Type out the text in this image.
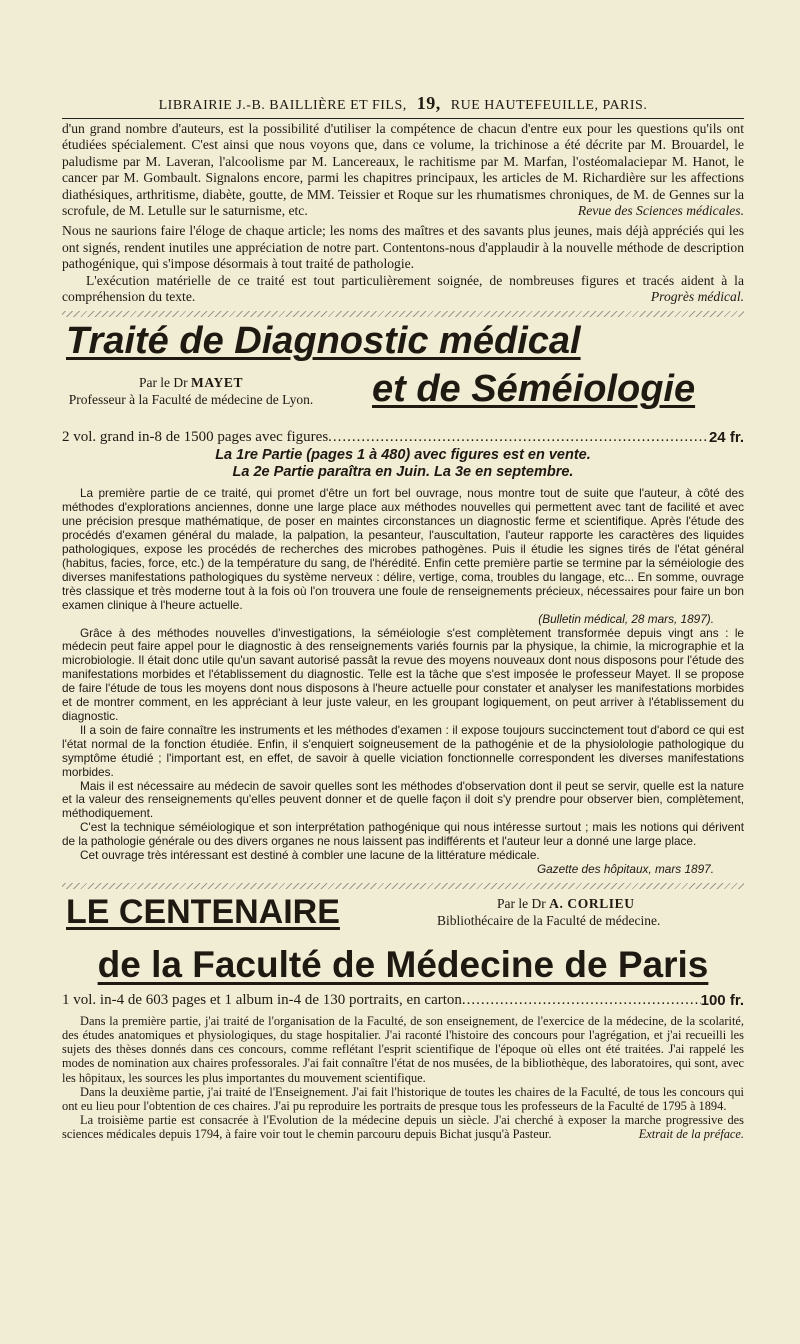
LIBRAIRIE J.-B. BAILLIÈRE ET FILS, 19, RUE HAUTEFEUILLE, PARIS.

d'un grand nombre d'auteurs, est la possibilité d'utiliser la compétence de chacun d'entre eux pour les questions qu'ils ont étudiées spécialement. C'est ainsi que nous voyons que, dans ce volume, la trichinose a été décrite par M. Brouardel, le paludisme par M. Laveran, l'alcoolisme par M. Lancereaux, le rachitisme par M. Marfan, l'ostéomalaciepar M. Hanot, le cancer par M. Gombault. Signalons encore, parmi les chapitres principaux, les articles de M. Richardière sur les affections diathésiques, arthritisme, diabète, goutte, de MM. Teissier et Roque sur les rhumatismes chroniques, de M. de Gennes sur la scrofule, de M. Letulle sur le saturnisme, etc.	Revue des Sciences médicales.

Nous ne saurions faire l'éloge de chaque article; les noms des maîtres et des savants plus jeunes, mais déjà appréciés qui les ont signés, rendent inutiles une appréciation de notre part. Contentons-nous d'applaudir à la nouvelle méthode de description pathogénique, qui s'impose désormais à tout traité de pathologie.

L'exécution matérielle de ce traité est tout particulièrement soignée, de nombreuses figures et tracés aident à la compréhension du texte.	Progrès médical.

Traité de Diagnostic médical
Par le Dr MAYET
Professeur à la Faculté de médecine de Lyon. et de Séméiologie
2 vol. grand in-8 de 1500 pages avec figures .....	24 fr.
La 1re Partie (pages 1 à 480) avec figures est en vente.
La 2e Partie paraîtra en Juin. La 3e en septembre.

La première partie de ce traité, qui promet d'être un fort bel ouvrage, nous montre tout de suite que l'auteur, à côté des méthodes d'explorations anciennes, donne une large place aux méthodes nouvelles qui permettent avec tant de facilité et avec une précision presque mathématique, de poser en maintes circonstances un diagnostic ferme et scientifique. Après l'étude des procédés d'examen général du malade, la palpation, la pesanteur, l'auscultation, l'auteur rapporte les caractères des liquides pathologiques, expose les procédés de recherches des microbes pathogènes. Puis il étudie les signes tirés de l'état général (habitus, facies, force, etc.) de la température du sang, de l'hérédité. Enfin cette première partie se termine par la séméiologie des diverses manifestations pathologiques du système nerveux : délire, vertige, coma, troubles du langage, etc... En somme, ouvrage très classique et très moderne tout à la fois où l'on trouvera une foule de renseignements précieux, nécessaires pour faire un bon examen clinique à l'heure actuelle.

(Bulletin médical, 28 mars, 1897).

Grâce à des méthodes nouvelles d'investigations, la séméiologie s'est complètement transformée depuis vingt ans : le médecin peut faire appel pour le diagnostic à des renseignements variés fournis par la physique, la chimie, la micrographie et la microbiologie. Il était donc utile qu'un savant autorisé passât la revue des moyens nouveaux dont nous disposons pour l'étude des manifestations morbides et l'établissement du diagnostic. Telle est la tâche que s'est imposée le professeur Mayet. Il se propose de faire l'étude de tous les moyens dont nous disposons à l'heure actuelle pour constater et analyser les manifestations morbides et de montrer comment, en les appréciant à leur juste valeur, en les groupant logiquement, on peut arriver à l'établissement du diagnostic.

Il a soin de faire connaître les instruments et les méthodes d'examen : il expose toujours succinctement tout d'abord ce qui est l'état normal de la fonction étudiée. Enfin, il s'enquiert soigneusement de la pathogénie et de la physiolologie pathologique du symptôme étudié ; l'important est, en effet, de savoir à quelle viciation fonctionnelle correspondent les diverses manifestations morbides.

Mais il est nécessaire au médecin de savoir quelles sont les méthodes d'observation dont il peut se servir, quelle est la nature et la valeur des renseignements qu'elles peuvent donner et de quelle façon il doit s'y prendre pour observer bien, complètement, méthodiquement.

C'est la technique séméiologique et son interprétation pathogénique qui nous intéresse surtout ; mais les notions qui dérivent de la pathologie générale ou des divers organes ne nous laissent pas indifférents et l'auteur leur a donné une large place.

Cet ouvrage très intéressant est destiné à combler une lacune de la littérature médicale.

Gazette des hôpitaux, mars 1897.

LE CENTENAIRE	Par le Dr A. CORLIEU
Bibliothécaire de la Faculté de médecine.
de la Faculté de Médecine de Paris
1 vol. in-4 de 603 pages et 1 album in-4 de 130 portraits, en carton .....	100 fr.

Dans la première partie, j'ai traité de l'organisation de la Faculté, de son enseignement, de l'exercice de la médecine, de la scolarité, des études anatomiques et physiologiques, du stage hospitalier. J'ai raconté l'histoire des concours pour l'agrégation, et j'ai recueilli les sujets des thèses donnés dans ces concours, comme reflétant l'esprit scientifique de l'époque où elles ont été traitées. J'ai rappelé les modes de nomination aux chaires professorales. J'ai fait connaître l'état de nos musées, de la bibliothèque, des laboratoires, qui sont, avec les hôpitaux, les sources les plus importantes du mouvement scientifique.

Dans la deuxième partie, j'ai traité de l'Enseignement. J'ai fait l'historique de toutes les chaires de la Faculté, de tous les concours qui ont eu lieu pour l'obtention de ces chaires. J'ai pu reproduire les portraits de presque tous les professeurs de la Faculté de 1795 à 1894.

La troisième partie est consacrée à l'Evolution de la médecine depuis un siècle. J'ai cherché à exposer la marche progressive des sciences médicales depuis 1794, à faire voir tout le chemin parcouru depuis Bichat jusqu'à Pasteur.	Extrait de la préface.
